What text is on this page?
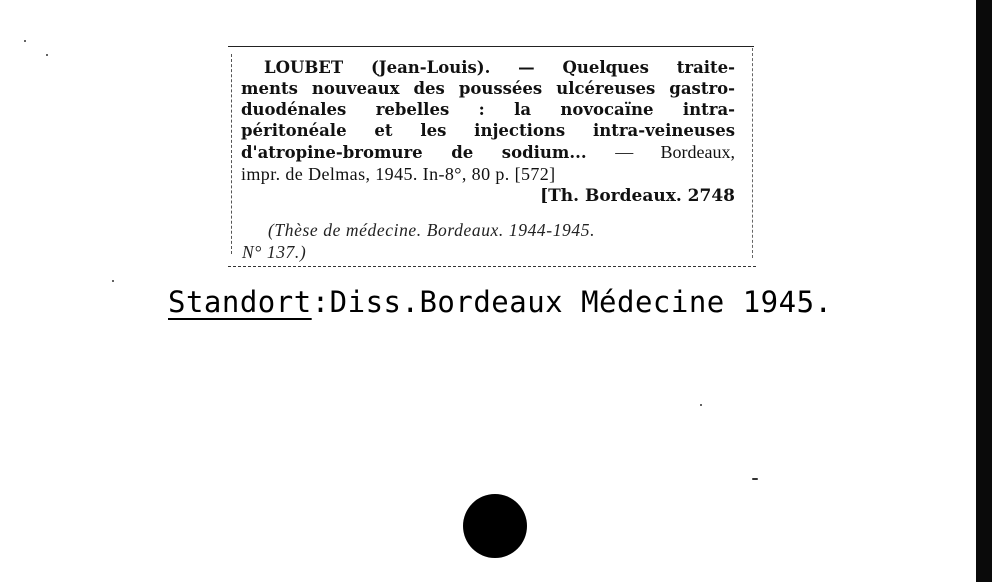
LOUBET (Jean-Louis). — Quelques traite-
ments nouveaux des poussées ulcéreuses gastro-
duodénales rebelles : la novocaïne intra-
péritonéale et les injections intra-veineuses
d'atropine-bromure de sodium... — Bordeaux,
impr. de Delmas, 1945. In-8°, 80 p. [572]
[Th. Bordeaux. 2748
(Thèse de médecine. Bordeaux. 1944-1945.
N° 137.)
Standort:Diss.Bordeaux Médecine 1945.
